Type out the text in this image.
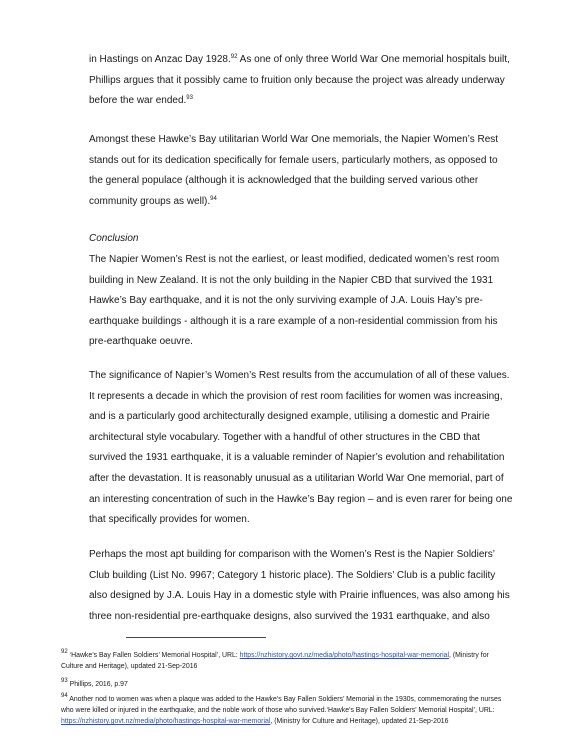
in Hastings on Anzac Day 1928.92 As one of only three World War One memorial hospitals built, Phillips argues that it possibly came to fruition only because the project was already underway before the war ended.$^{93}$

Amongst these Hawke’s Bay utilitarian World War One memorials, the Napier Women’s Rest stands out for its dedication specifically for female users, particularly mothers, as opposed to the general populace (although it is acknowledged that the building served various other community groups as well).$^{94}$

Conclusion

The Napier Women’s Rest is not the earliest, or least modified, dedicated women’s rest room building in New Zealand. It is not the only building in the Napier CBD that survived the 1931 Hawke’s Bay earthquake, and it is not the only surviving example of J.A. Louis Hay’s pre-earthquake buildings - although it is a rare example of a non-residential commission from his pre-earthquake oeuvre.

The significance of Napier’s Women’s Rest results from the accumulation of all of these values. It represents a decade in which the provision of rest room facilities for women was increasing, and is a particularly good architecturally designed example, utilising a domestic and Prairie architectural style vocabulary. Together with a handful of other structures in the CBD that survived the 1931 earthquake, it is a valuable reminder of Napier’s evolution and rehabilitation after the devastation. It is reasonably unusual as a utilitarian World War One memorial, part of an interesting concentration of such in the Hawke’s Bay region – and is even rarer for being one that specifically provides for women.

Perhaps the most apt building for comparison with the Women’s Rest is the Napier Soldiers’ Club building (List No. 9967; Category 1 historic place). The Soldiers’ Club is a public facility also designed by J.A. Louis Hay in a domestic style with Prairie influences, was also among his three non-residential pre-earthquake designs, also survived the 1931 earthquake, and also

$^{92}$ ‘Hawke’s Bay Fallen Soldiers’ Memorial Hospital’, URL: https://nzhistory.govt.nz/media/photo/hastings-hospital-war-memorial, (Ministry for Culture and Heritage), updated 21-Sep-2016

$^{93}$ Phillips, 2016, p.97

$^{94}$ Another nod to women was when a plaque was added to the Hawke’s Bay Fallen Soldiers’ Memorial in the 1930s, commemorating the nurses who were killed or injured in the earthquake, and the noble work of those who survived.‘Hawke’s Bay Fallen Soldiers’ Memorial Hospital’, URL: https://nzhistory.govt.nz/media/photo/hastings-hospital-war-memorial, (Ministry for Culture and Heritage), updated 21-Sep-2016
